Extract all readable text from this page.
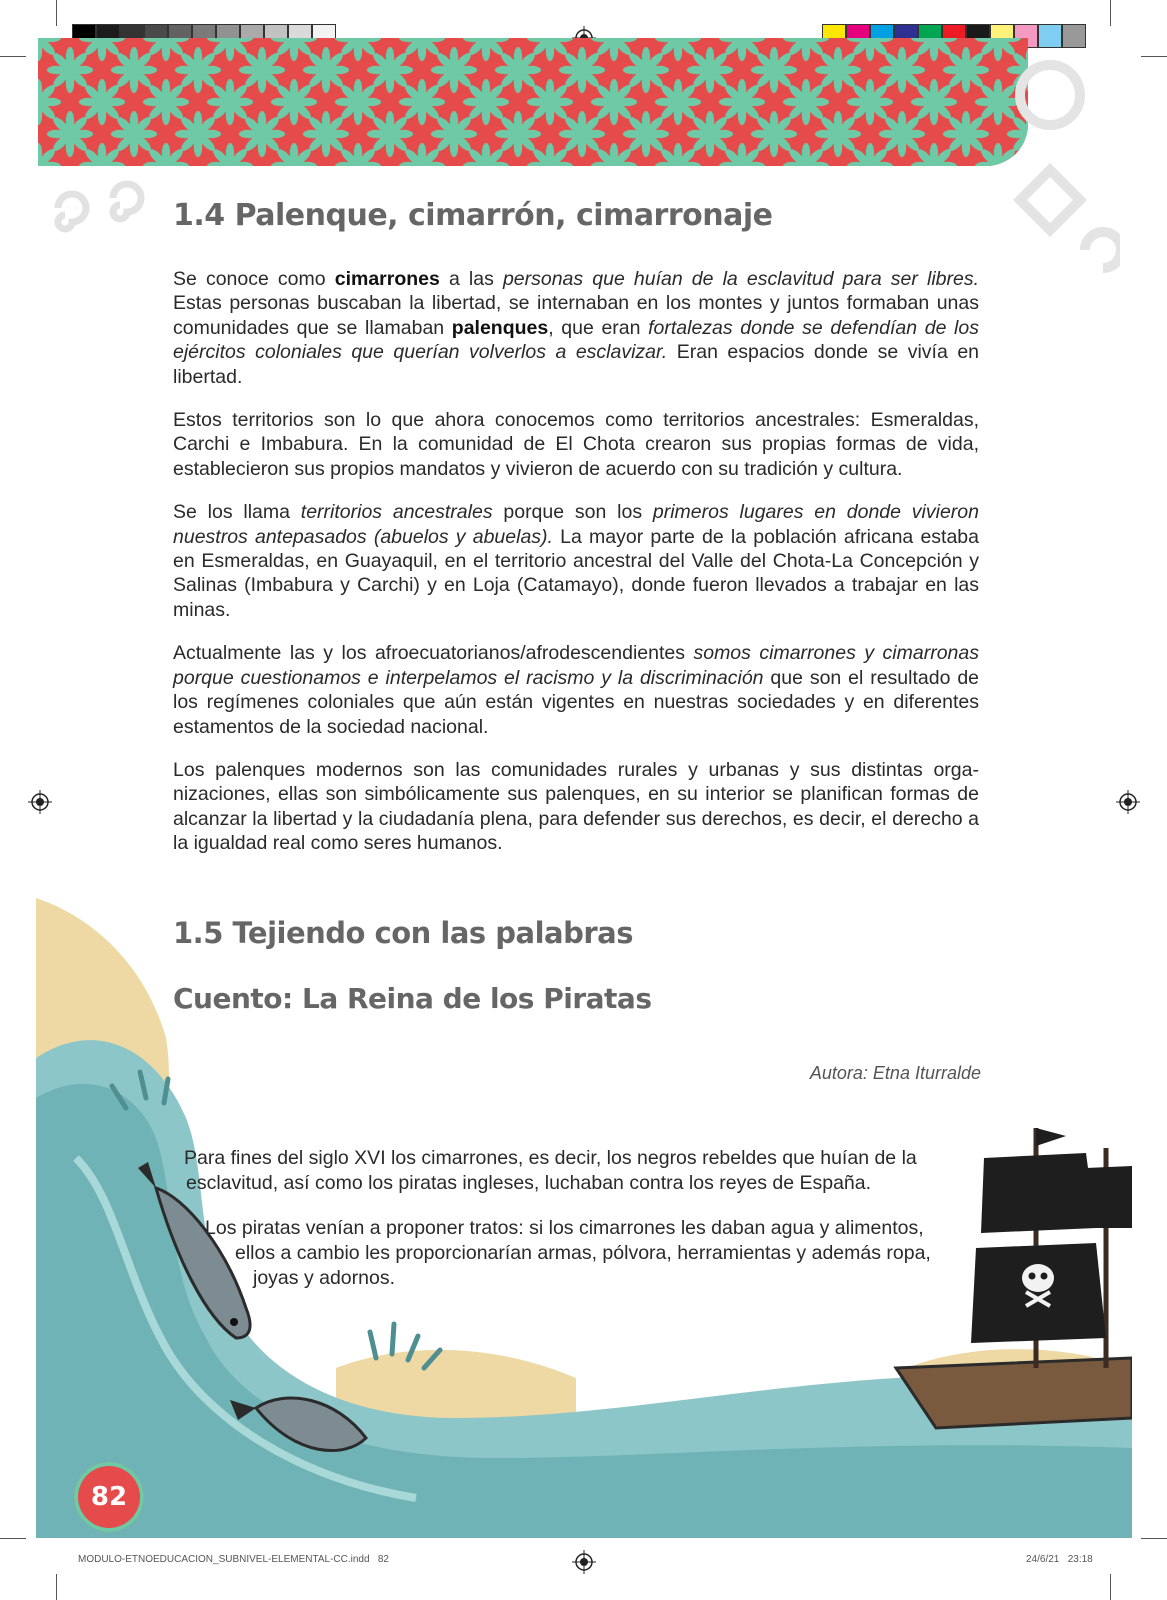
1.4 Palenque, cimarrón, cimarronaje

Se conoce como cimarrones a las personas que huían de la esclavitud para ser libres. Estas personas buscaban la libertad, se internaban en los montes y juntos formaban unas comunidades que se llamaban palenques, que eran fortalezas donde se defendían de los ejércitos coloniales que querían volverlos a esclavizar. Eran espacios donde se vivía en libertad.

Estos territorios son lo que ahora conocemos como territorios ancestrales: Esmeraldas, Carchi e Imbabura. En la comunidad de El Chota crearon sus propias formas de vida, establecieron sus propios mandatos y vivieron de acuerdo con su tradición y cultura.

Se los llama territorios ancestrales porque son los primeros lugares en donde vivieron nuestros antepasados (abuelos y abuelas). La mayor parte de la población africana estaba en Esmeraldas, en Guayaquil, en el territorio ancestral del Valle del Chota-La Concepción y Salinas (Imbabura y Carchi) y en Loja (Catamayo), donde fueron llevados a trabajar en las minas.

Actualmente las y los afroecuatorianos/afrodescendientes somos cimarrones y cimarronas porque cuestionamos e interpelamos el racismo y la discriminación que son el resultado de los regímenes coloniales que aún están vigentes en nuestras sociedades y en diferentes estamentos de la sociedad nacional.

Los palenques modernos son las comunidades rurales y urbanas y sus distintas organizaciones, ellas son simbólicamente sus palenques, en su interior se planifican formas de alcanzar la libertad y la ciudadanía plena, para defender sus derechos, es decir, el derecho a la igualdad real como seres humanos.

1.5 Tejiendo con las palabras
Cuento: La Reina de los Piratas
Autora: Etna Iturralde

Para fines del siglo XVI los cimarrones, es decir, los negros rebeldes que huían de la

esclavitud, así como los piratas ingleses, luchaban contra los reyes de España.

Los piratas venían a proponer tratos: si los cimarrones les daban agua y alimentos,

ellos a cambio les proporcionarían armas, pólvora, herramientas y además ropa,

joyas y adornos.

82
MODULO-ETNOEDUCACION_SUBNIVEL-ELEMENTAL-CC.indd   82	24/6/21   23:18
